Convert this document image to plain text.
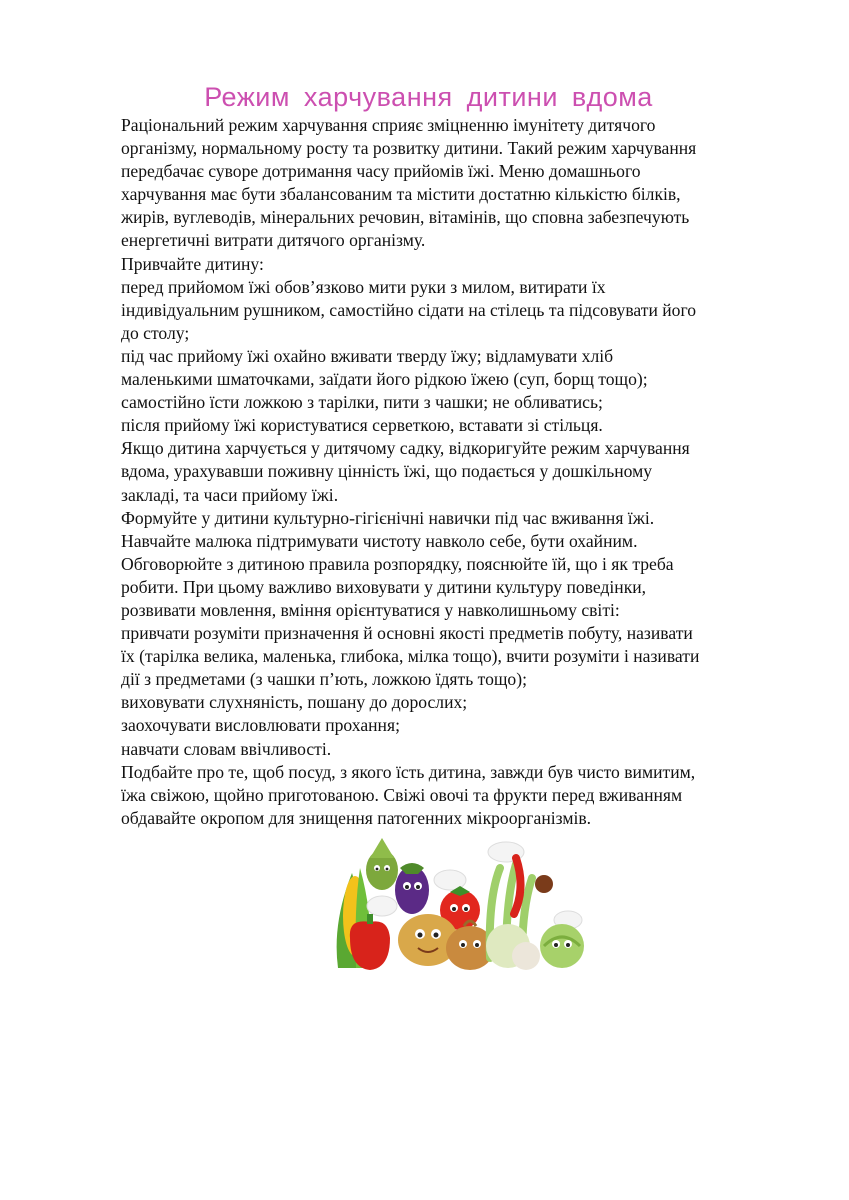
Режим харчування дитини вдома
Раціональний режим харчування сприяє зміцненню імунітету дитячого
організму, нормальному росту та розвитку дитини. Такий режим харчування
передбачає суворе дотримання часу прийомів їжі. Меню домашнього
харчування має бути збалансованим та містити достатню кількістю білків,
жирів, вуглеводів, мінеральних речовин, вітамінів, що сповна забезпечують
енергетичні витрати дитячого організму.
Привчайте дитину:
перед прийомом їжі обов’язково мити руки з милом, витирати їх
індивідуальним рушником, самостійно сідати на стілець та підсовувати його
до столу;
під час прийому їжі охайно вживати тверду їжу; відламувати хліб
маленькими шматочками, заїдати його рідкою їжею (суп, борщ тощо);
самостійно їсти ложкою з тарілки, пити з чашки; не обливатись;
після прийому їжі користуватися серветкою, вставати зі стільця.
Якщо дитина харчується у дитячому садку, відкоригуйте режим харчування
вдома, урахувавши поживну цінність їжі, що подається у дошкільному
закладі, та часи прийому їжі.
Формуйте у дитини культурно-гігієнічні навички під час вживання їжі.
Навчайте малюка підтримувати чистоту навколо себе, бути охайним.
Обговорюйте з дитиною правила розпорядку, пояснюйте їй, що і як треба
робити. При цьому важливо виховувати у дитини культуру поведінки,
розвивати мовлення, вміння орієнтуватися у навколишньому світі:
привчати розуміти призначення й основні якості предметів побуту, називати
їх (тарілка велика, маленька, глибока, мілка тощо), вчити розуміти і називати
дії з предметами (з чашки п’ють, ложкою їдять тощо);
виховувати слухняність, пошану до дорослих;
заохочувати висловлювати прохання;
навчати словам ввічливості.
Подбайте про те, щоб посуд, з якого їсть дитина, завжди був чисто вимитим,
їжа свіжою, щойно приготованою. Свіжі овочі та фрукти перед вживанням
обдавайте окропом для знищення патогенних мікроорганізмів.
